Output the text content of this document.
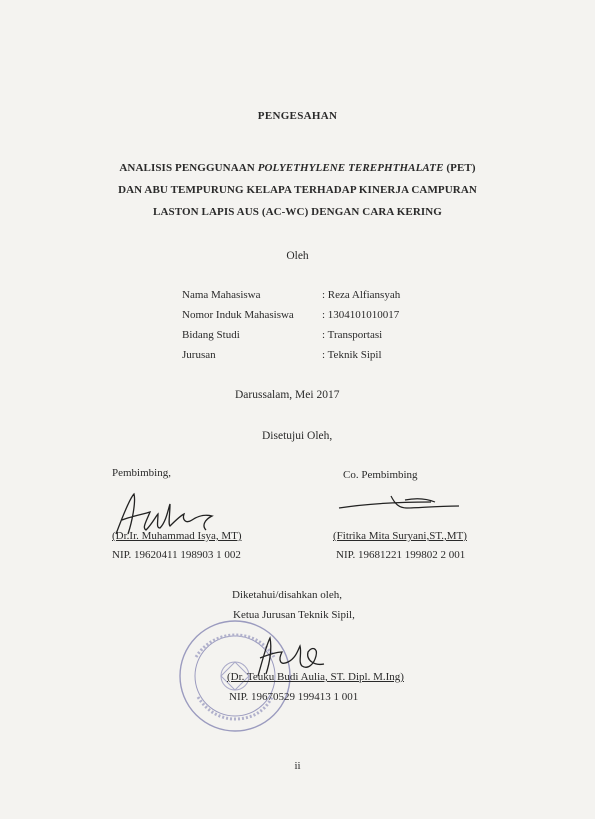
PENGESAHAN
ANALISIS PENGGUNAAN POLYETHYLENE TEREPHTHALATE (PET)
DAN ABU TEMPURUNG KELAPA TERHADAP KINERJA CAMPURAN
LASTON LAPIS AUS (AC-WC) DENGAN CARA KERING
Oleh
Nama Mahasiswa	: Reza Alfiansyah
Nomor Induk Mahasiswa	: 1304101010017
Bidang Studi	: Transportasi
Jurusan	: Teknik Sipil
Darussalam, Mei 2017
Disetujui Oleh,
Pembimbing,
(Dr.Ir. Muhammad Isya, MT)
NIP. 19620411 198903 1 002
Co. Pembimbing
(Fitrika Mita Suryani,ST.,MT)
NIP. 19681221 199802 2 001
Diketahui/disahkan oleh,
Ketua Jurusan Teknik Sipil,
(Dr. Teuku Budi Aulia, ST. Dipl. M.Ing)
NIP. 19670529 199413 1 001
ii
